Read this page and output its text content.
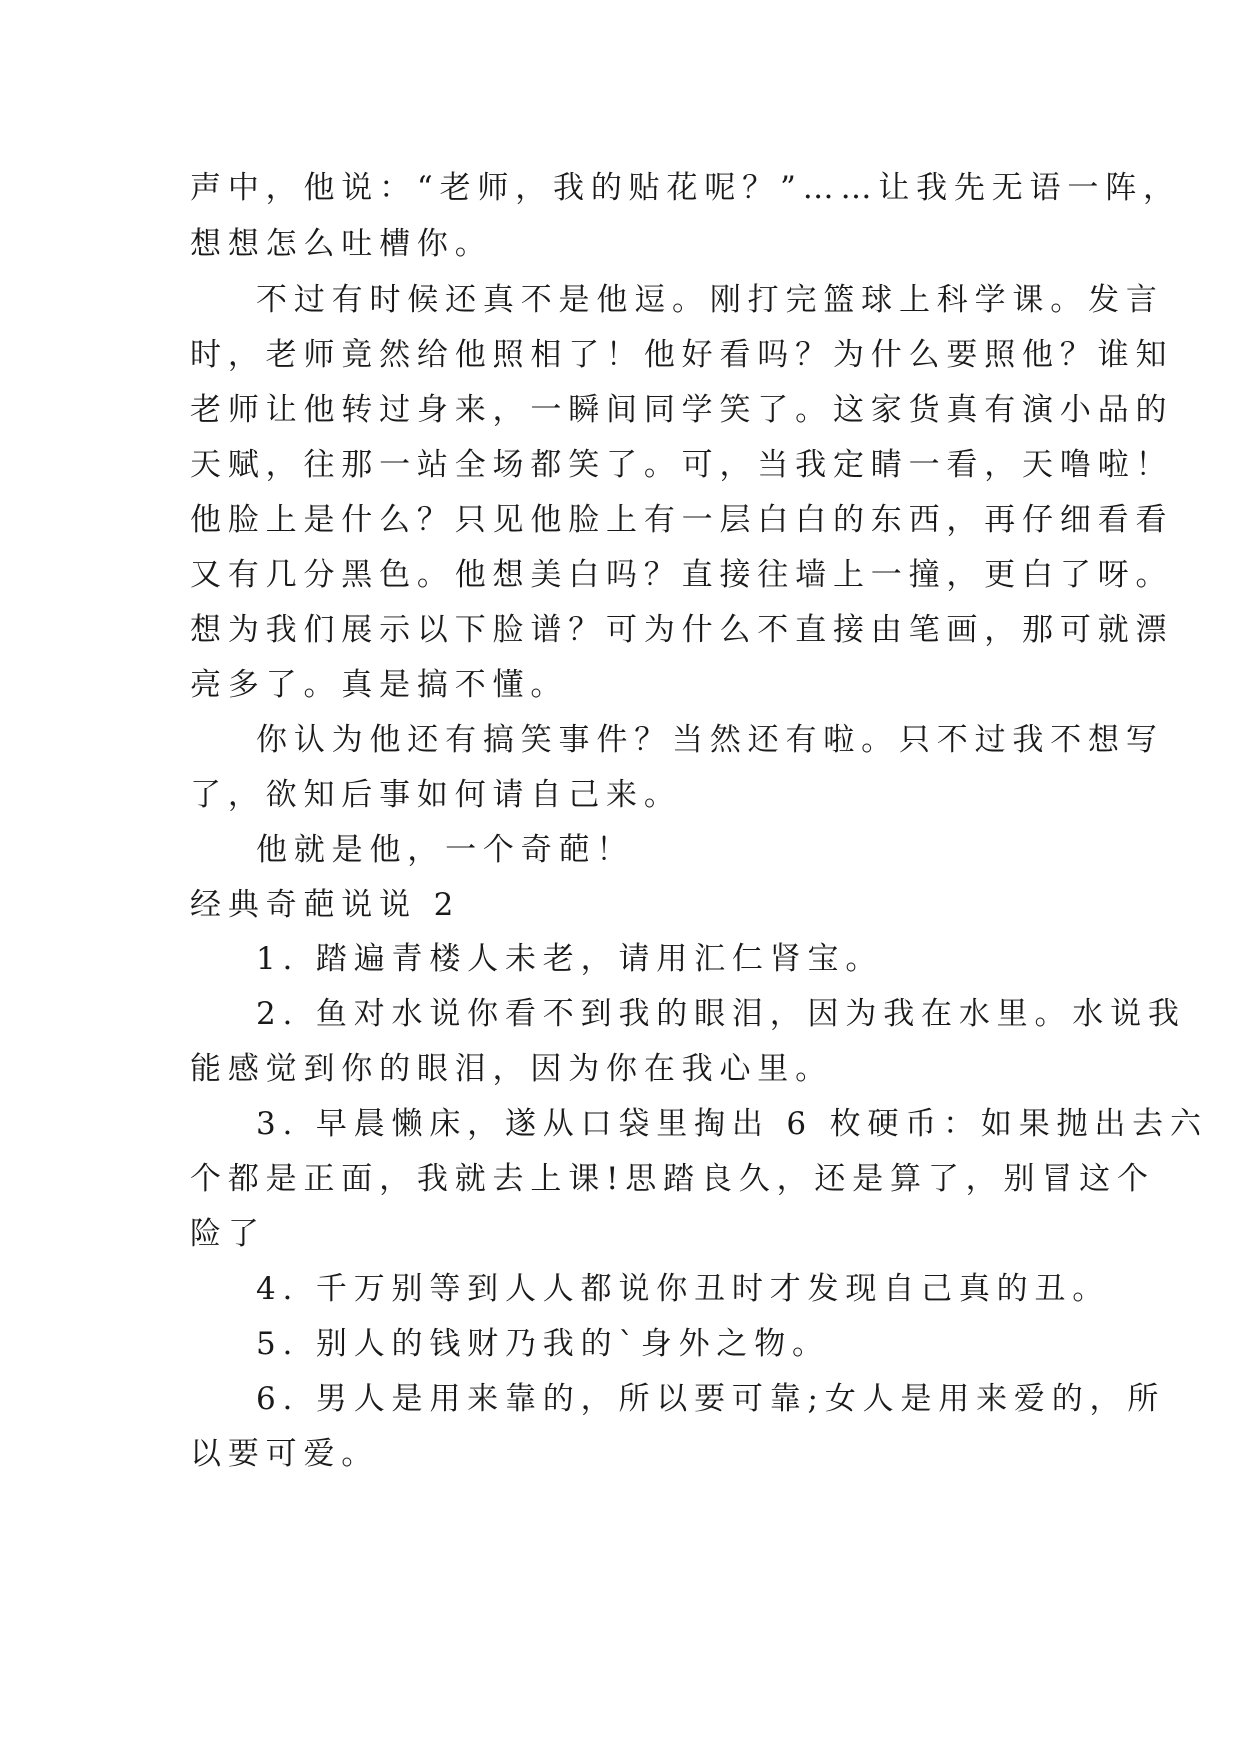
声中，他说：“老师，我的贴花呢？”……让我先无语一阵，
想想怎么吐槽你。
不过有时候还真不是他逗。刚打完篮球上科学课。发言
时，老师竟然给他照相了！他好看吗？为什么要照他？谁知
老师让他转过身来，一瞬间同学笑了。这家货真有演小品的
天赋，往那一站全场都笑了。可，当我定睛一看，天噜啦！
他脸上是什么？只见他脸上有一层白白的东西，再仔细看看
又有几分黑色。他想美白吗？直接往墙上一撞，更白了呀。
想为我们展示以下脸谱？可为什么不直接由笔画，那可就漂
亮多了。真是搞不懂。
你认为他还有搞笑事件？当然还有啦。只不过我不想写
了，欲知后事如何请自己来。
他就是他，一个奇葩！
经典奇葩说说 2
1. 踏遍青楼人未老，请用汇仁肾宝。
2. 鱼对水说你看不到我的眼泪，因为我在水里。水说我
能感觉到你的眼泪，因为你在我心里。
3. 早晨懒床，遂从口袋里掏出 6 枚硬币：如果抛出去六
个都是正面，我就去上课!思踏良久，还是算了，别冒这个
险了
4. 千万别等到人人都说你丑时才发现自己真的丑。
5. 别人的钱财乃我的`身外之物。
6. 男人是用来靠的，所以要可靠;女人是用来爱的，所
以要可爱。
